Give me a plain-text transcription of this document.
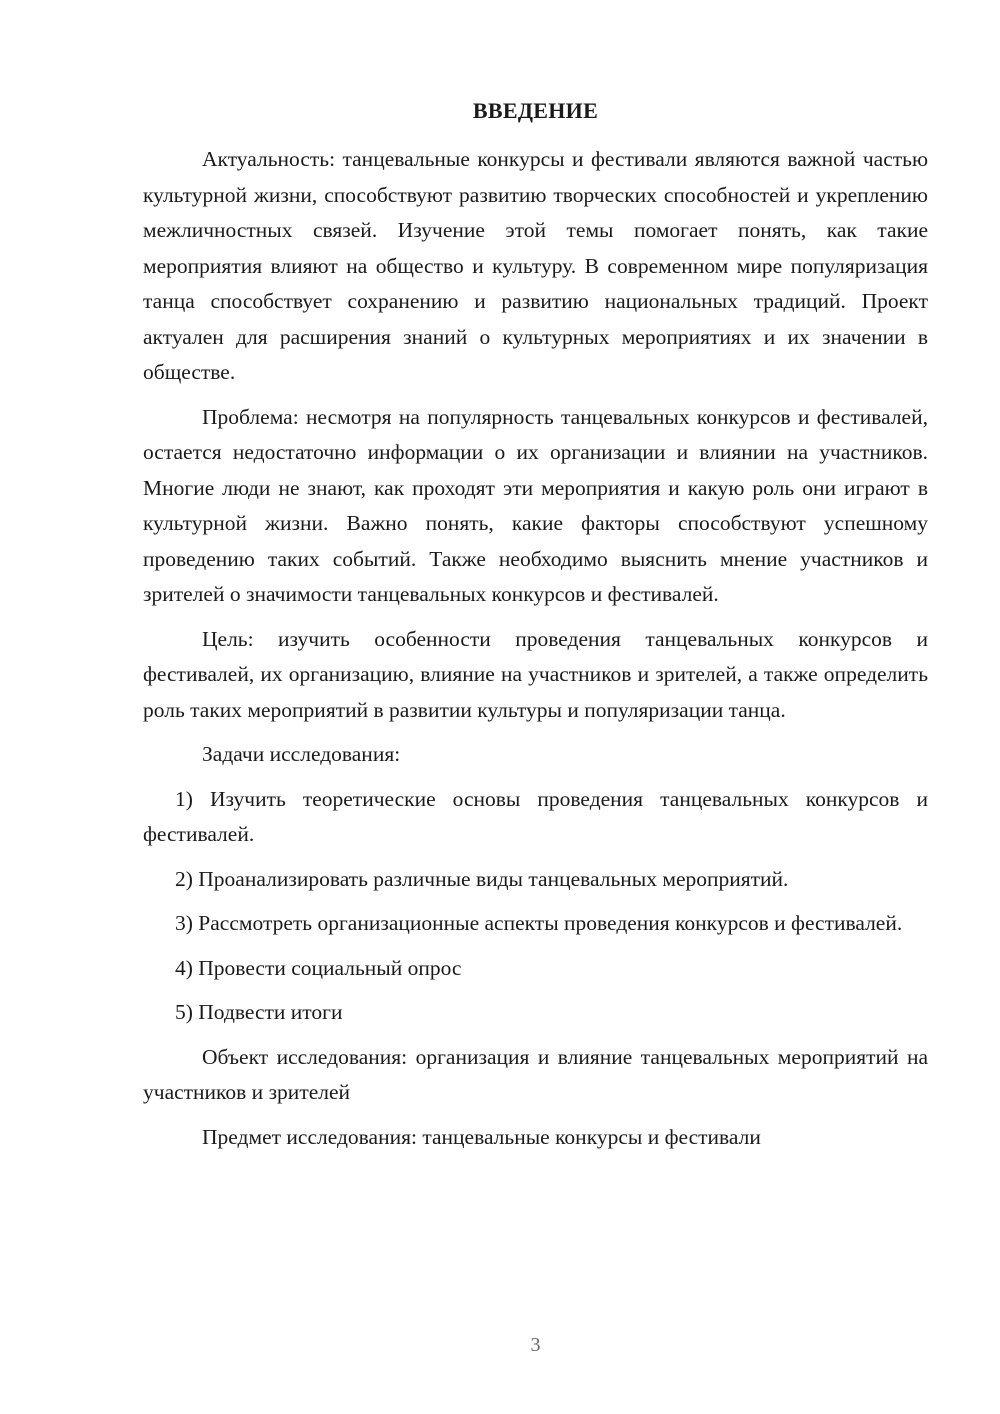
ВВЕДЕНИЕ

Актуальность: танцевальные конкурсы и фестивали являются важной частью культурной жизни, способствуют развитию творческих способностей и укреплению межличностных связей. Изучение этой темы помогает понять, как такие мероприятия влияют на общество и культуру. В современном мире популяризация танца способствует сохранению и развитию национальных традиций. Проект актуален для расширения знаний о культурных мероприятиях и их значении в обществе.

Проблема: несмотря на популярность танцевальных конкурсов и фестивалей, остается недостаточно информации о их организации и влиянии на участников. Многие люди не знают, как проходят эти мероприятия и какую роль они играют в культурной жизни. Важно понять, какие факторы способствуют успешному проведению таких событий. Также необходимо выяснить мнение участников и зрителей о значимости танцевальных конкурсов и фестивалей.

Цель: изучить особенности проведения танцевальных конкурсов и фестивалей, их организацию, влияние на участников и зрителей, а также определить роль таких мероприятий в развитии культуры и популяризации танца.

Задачи исследования:

1) Изучить теоретические основы проведения танцевальных конкурсов и фестивалей.

2) Проанализировать различные виды танцевальных мероприятий.

3) Рассмотреть организационные аспекты проведения конкурсов и фестивалей.

4) Провести социальный опрос

5) Подвести итоги

Объект исследования: организация и влияние танцевальных мероприятий на участников и зрителей

Предмет исследования: танцевальные конкурсы и фестивали

3
